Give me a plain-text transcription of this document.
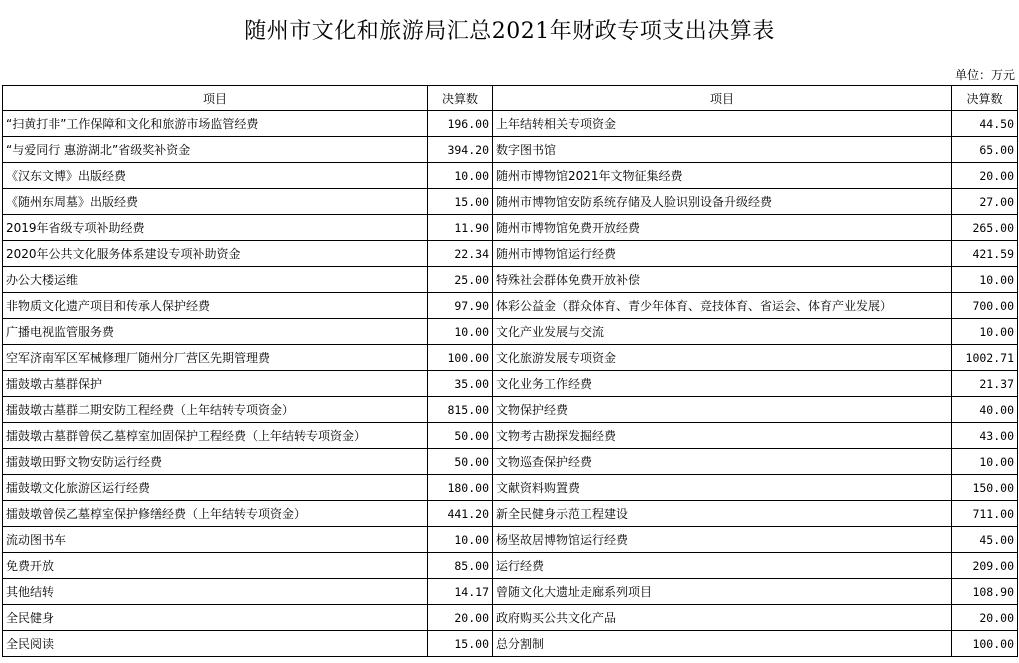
随州市文化和旅游局汇总2021年财政专项支出决算表
单位：万元
项目	决算数	项目	决算数
“扫黄打非”工作保障和文化和旅游市场监管经费	196.00	上年结转相关专项资金	44.50
“与爱同行 惠游湖北”省级奖补资金	394.20	数字图书馆	65.00
《汉东文博》出版经费	10.00	随州市博物馆2021年文物征集经费	20.00
《随州东周墓》出版经费	15.00	随州市博物馆安防系统存储及人脸识别设备升级经费	27.00
2019年省级专项补助经费	11.90	随州市博物馆免费开放经费	265.00
2020年公共文化服务体系建设专项补助资金	22.34	随州市博物馆运行经费	421.59
办公大楼运维	25.00	特殊社会群体免费开放补偿	10.00
非物质文化遗产项目和传承人保护经费	97.90	体彩公益金（群众体育、青少年体育、竞技体育、省运会、体育产业发展）	700.00
广播电视监管服务费	10.00	文化产业发展与交流	10.00
空军济南军区军械修理厂随州分厂营区先期管理费	100.00	文化旅游发展专项资金	1002.71
擂鼓墩古墓群保护	35.00	文化业务工作经费	21.37
擂鼓墩古墓群二期安防工程经费（上年结转专项资金）	815.00	文物保护经费	40.00
擂鼓墩古墓群曾侯乙墓椁室加固保护工程经费（上年结转专项资金）	50.00	文物考古勘探发掘经费	43.00
擂鼓墩田野文物安防运行经费	50.00	文物巡查保护经费	10.00
擂鼓墩文化旅游区运行经费	180.00	文献资料购置费	150.00
擂鼓墩曾侯乙墓椁室保护修缮经费（上年结转专项资金）	441.20	新全民健身示范工程建设	711.00
流动图书车	10.00	杨坚故居博物馆运行经费	45.00
免费开放	85.00	运行经费	209.00
其他结转	14.17	曾随文化大遗址走廊系列项目	108.90
全民健身	20.00	政府购买公共文化产品	20.00
全民阅读	15.00	总分割制	100.00
